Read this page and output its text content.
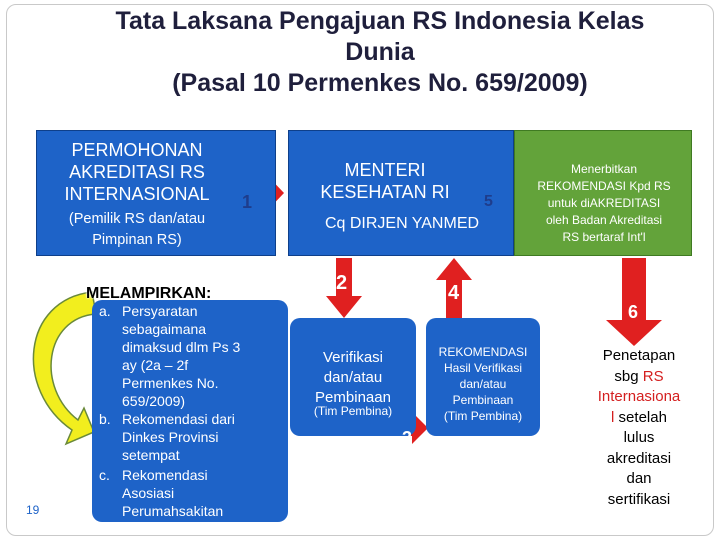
Tata Laksana Pengajuan RS Indonesia Kelas
Dunia
(Pasal 10 Permenkes No. 659/2009)
PERMOHONAN
AKREDITASI RS
INTERNASIONAL
(Pemilik RS dan/atau
Pimpinan RS)
MENTERI
KESEHATAN RI
Cq DIRJEN YANMED
Menerbitkan
REKOMENDASI Kpd RS
untuk diAKREDITASI
oleh Badan Akreditasi
RS bertaraf Int'l
MELAMPIRKAN:
a. Persyaratan
sebagaimana
dimaksud dlm Ps 3
ay (2a – 2f
Permenkes No.
659/2009)
b. Rekomendasi dari
Dinkes Provinsi
setempat
c. Rekomendasi
Asosiasi
Perumahsakitan
Verifikasi
dan/atau
Pembinaan
(Tim Pembina)
REKOMENDASI
Hasil Verifikasi
dan/atau
Pembinaan
(Tim Pembina)
Penetapan
sbg RS
Internasiona
l setelah
lulus
akreditasi
dan
sertifikasi
1	5
2	4
3
6
19
